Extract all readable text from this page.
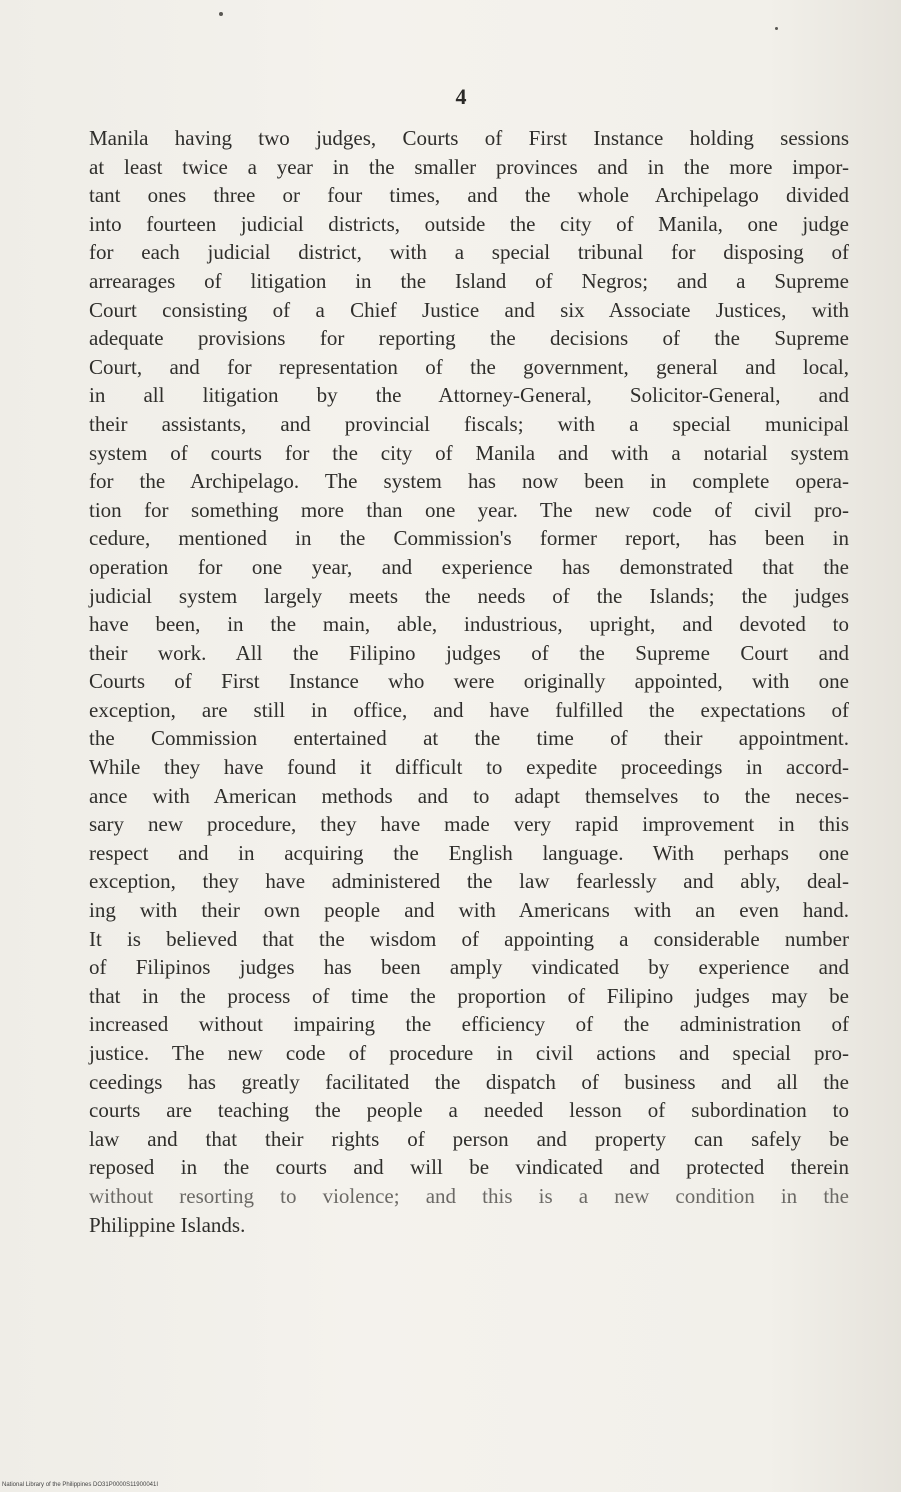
4
Manila having two judges, Courts of First Instance holding sessions
at least twice a year in the smaller provinces and in the more impor-
tant ones three or four times, and the whole Archipelago divided
into fourteen judicial districts, outside the city of Manila, one judge
for each judicial district, with a special tribunal for disposing of
arrearages of litigation in the Island of Negros; and a Supreme
Court consisting of a Chief Justice and six Associate Justices, with
adequate provisions for reporting the decisions of the Supreme
Court, and for representation of the government, general and local,
in all litigation by the Attorney-General, Solicitor-General, and
their assistants, and provincial fiscals; with a special municipal
system of courts for the city of Manila and with a notarial system
for the Archipelago. The system has now been in complete opera-
tion for something more than one year. The new code of civil pro-
cedure, mentioned in the Commission's former report, has been in
operation for one year, and experience has demonstrated that the
judicial system largely meets the needs of the Islands; the judges
have been, in the main, able, industrious, upright, and devoted to
their work. All the Filipino judges of the Supreme Court and
Courts of First Instance who were originally appointed, with one
exception, are still in office, and have fulfilled the expectations of
the Commission entertained at the time of their appointment.
While they have found it difficult to expedite proceedings in accord-
ance with American methods and to adapt themselves to the neces-
sary new procedure, they have made very rapid improvement in this
respect and in acquiring the English language. With perhaps one
exception, they have administered the law fearlessly and ably, deal-
ing with their own people and with Americans with an even hand.
It is believed that the wisdom of appointing a considerable number
of Filipinos judges has been amply vindicated by experience and
that in the process of time the proportion of Filipino judges may be
increased without impairing the efficiency of the administration of
justice. The new code of procedure in civil actions and special pro-
ceedings has greatly facilitated the dispatch of business and all the
courts are teaching the people a needed lesson of subordination to
law and that their rights of person and property can safely be
reposed in the courts and will be vindicated and protected therein
without resorting to violence; and this is a new condition in the
Philippine Islands.
National Library of the Philippines DO31P0000S11900041I
